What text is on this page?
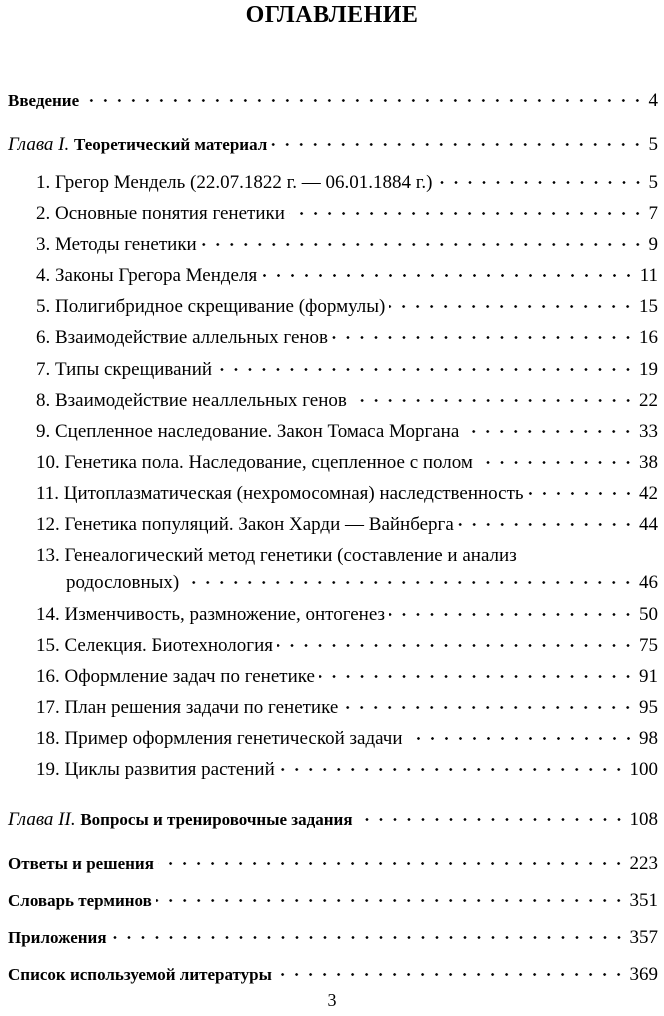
ОГЛАВЛЕНИЕ
Введение	4
Глава I. Теоретический материал	5
1. Грегор Мендель (22.07.1822 г. — 06.01.1884 г.)	5
2. Основные понятия генетики	7
3. Методы генетики	9
4. Законы Грегора Менделя	11
5. Полигибридное скрещивание (формулы)	15
6. Взаимодействие аллельных генов	16
7. Типы скрещиваний	19
8. Взаимодействие неаллельных генов	22
9. Сцепленное наследование. Закон Томаса Моргана	33
10. Генетика пола. Наследование, сцепленное с полом	38
11. Цитоплазматическая (нехромосомная) наследственность	42
12. Генетика популяций. Закон Харди — Вайнберга	44
13. Генеалогический метод генетики (составление и анализ
родословных)	46
14. Изменчивость, размножение, онтогенез	50
15. Селекция. Биотехнология	75
16. Оформление задач по генетике	91
17. План решения задачи по генетике	95
18. Пример оформления генетической задачи	98
19. Циклы развития растений	100
Глава II. Вопросы и тренировочные задания	108
Ответы и решения	223
Словарь терминов	351
Приложения	357
Список используемой литературы	369
3
